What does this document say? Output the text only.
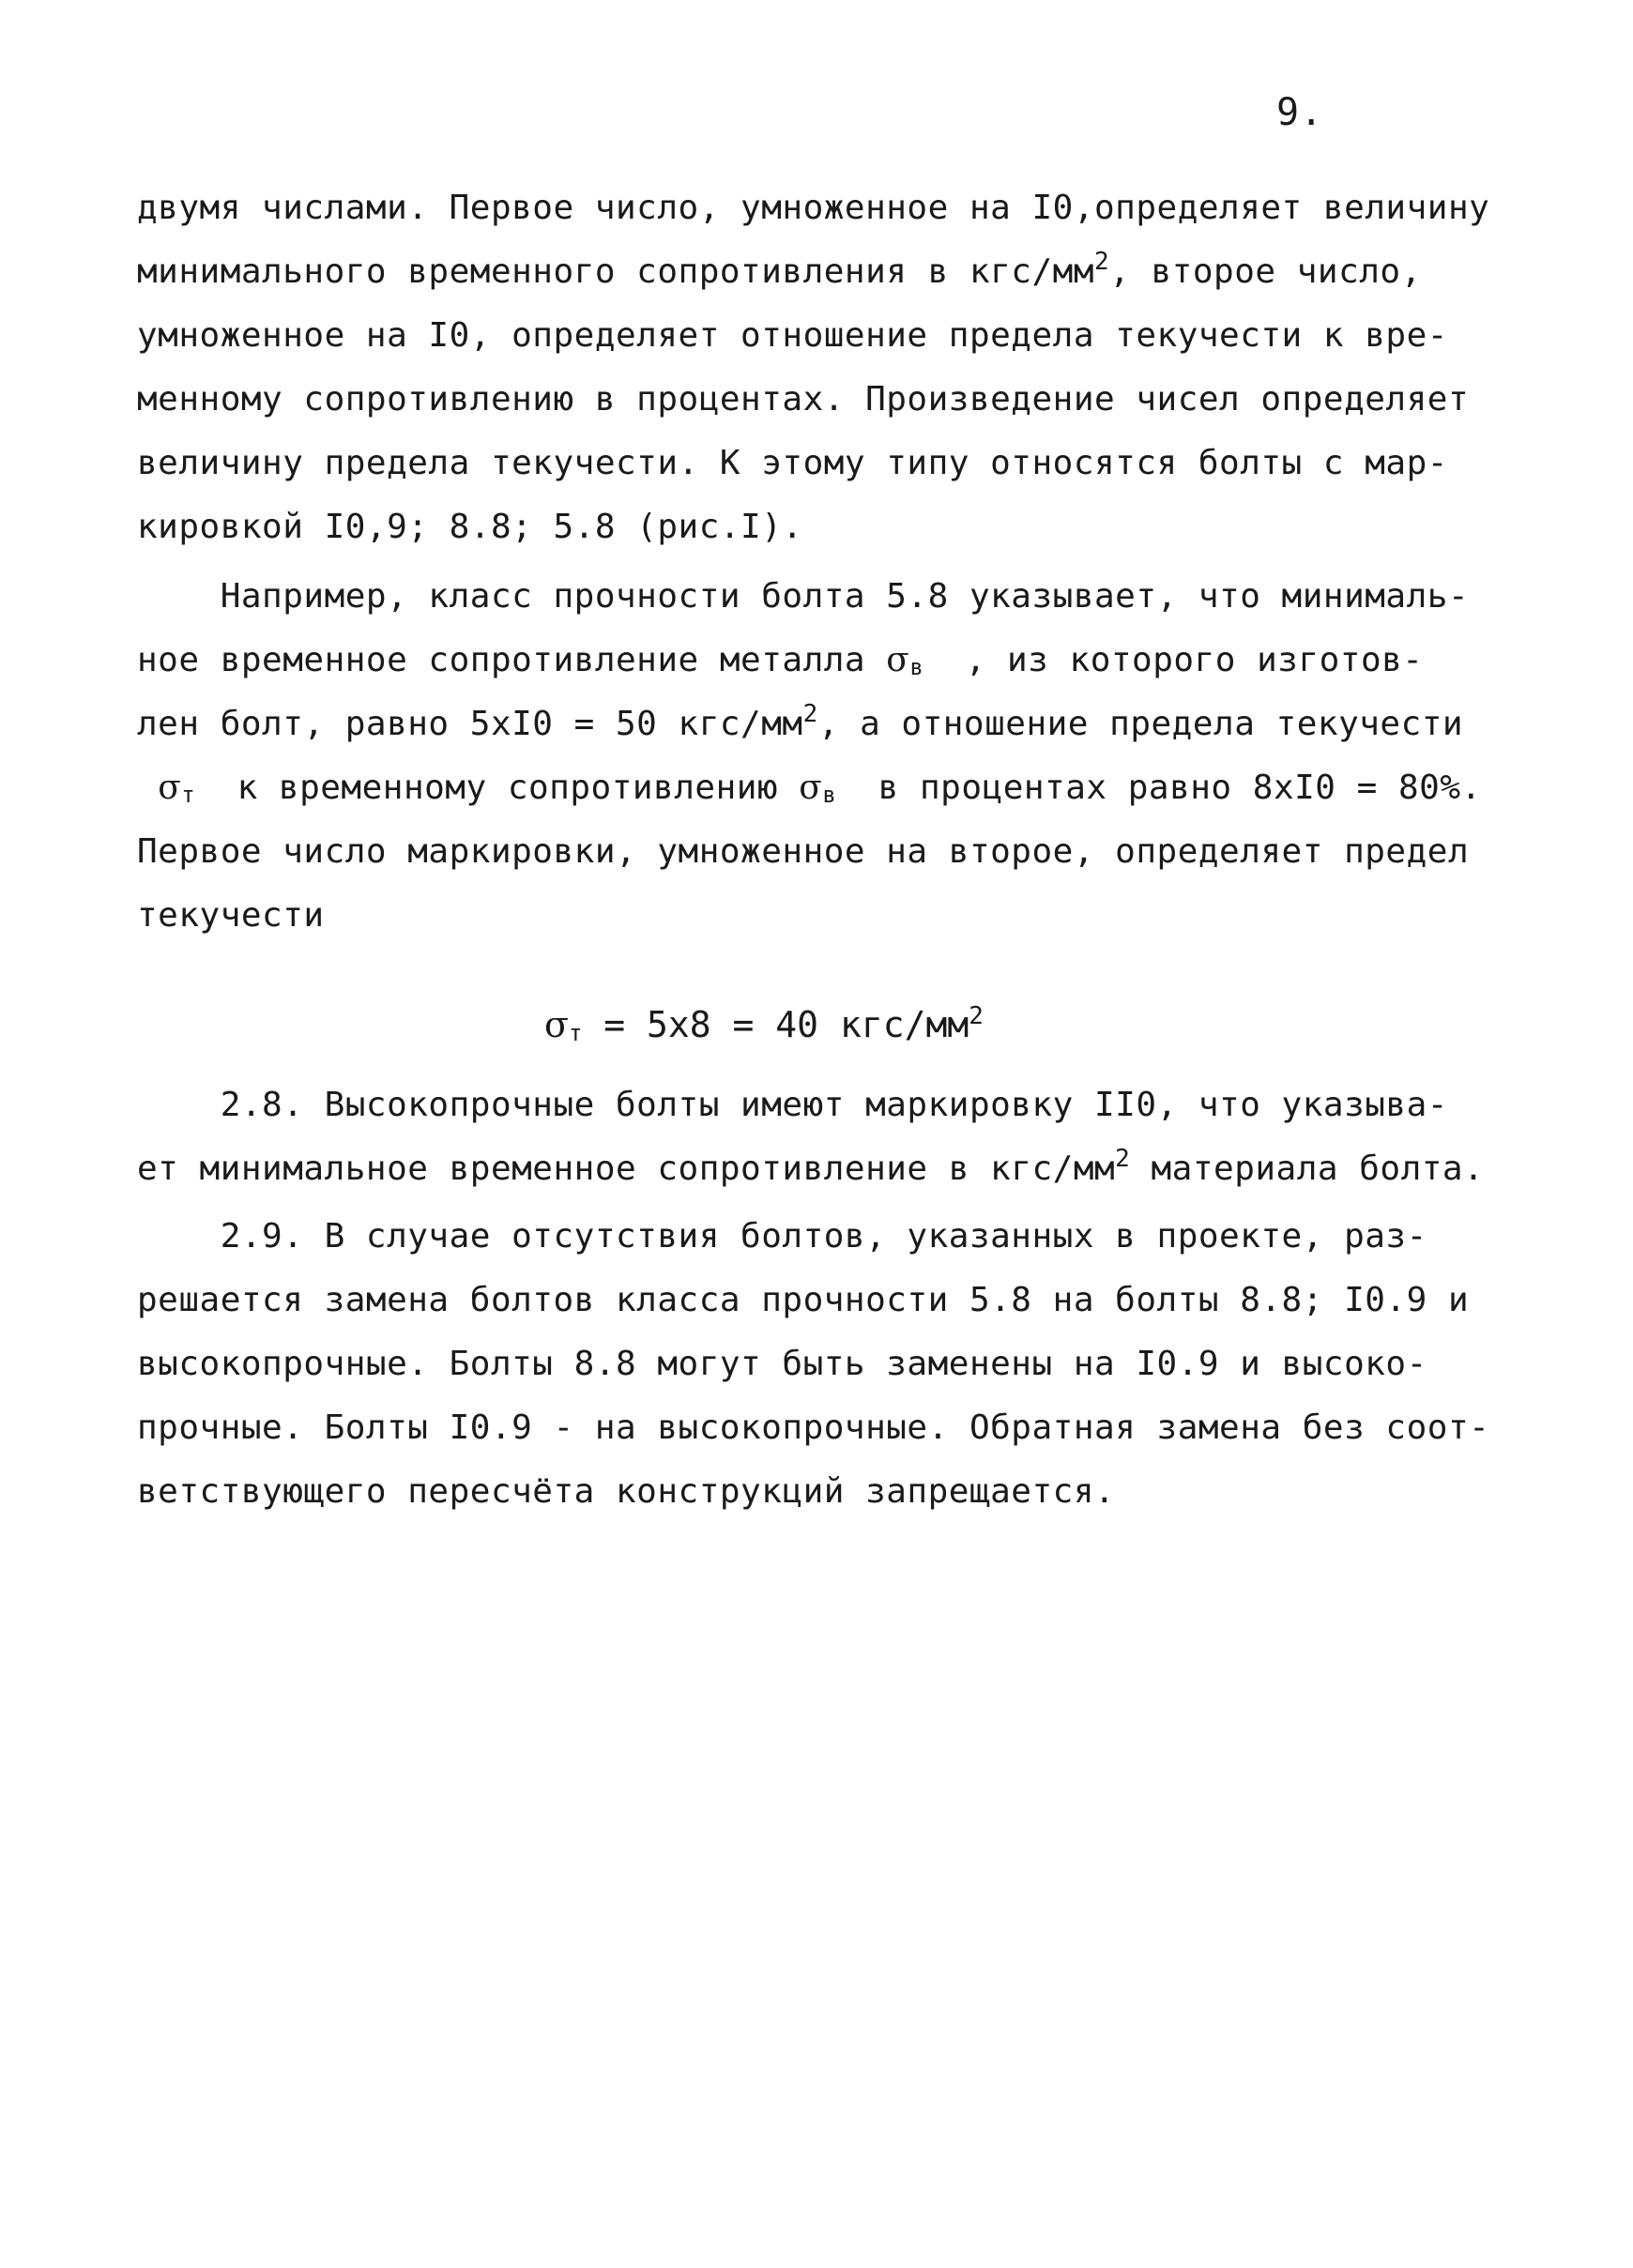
9.
двумя числами. Первое число, умноженное на I0,определяет величину
минимального временного сопротивления в кгс/$мм^2$, второе число,
умноженное на I0, определяет отношение предела текучести к вре-
менному сопротивлению в процентах. Произведение чисел определяет
величину предела текучести. К этому типу относятся болты с мар-
кировкой I0,9; 8.8; 5.8 (рис.I).
Например, класс прочности болта 5.8 указывает, что минималь-
ное временное сопротивление металла $\sigma_в$  , из которого изготов-
лен болт, равно 5хI0 = 50 кгс/$мм^2$, а отношение предела текучести
$\sigma_т$  к временному сопротивлению $\sigma_в$  в процентах равно 8хI0 = 80%.
Первое число маркировки, умноженное на второе, определяет предел
текучести
$\sigma_т = 5х8 = 40$ кгс/$мм^2$
2.8. Высокопрочные болты имеют маркировку II0, что указыва-
ет минимальное временное сопротивление в кгс/$мм^2$ материала болта.
2.9. В случае отсутствия болтов, указанных в проекте, раз-
решается замена болтов класса прочности 5.8 на болты 8.8; I0.9 и
высокопрочные. Болты 8.8 могут быть заменены на I0.9 и высоко-
прочные. Болты I0.9 - на высокопрочные. Обратная замена без соот-
ветствующего пересчёта конструкций запрещается.
